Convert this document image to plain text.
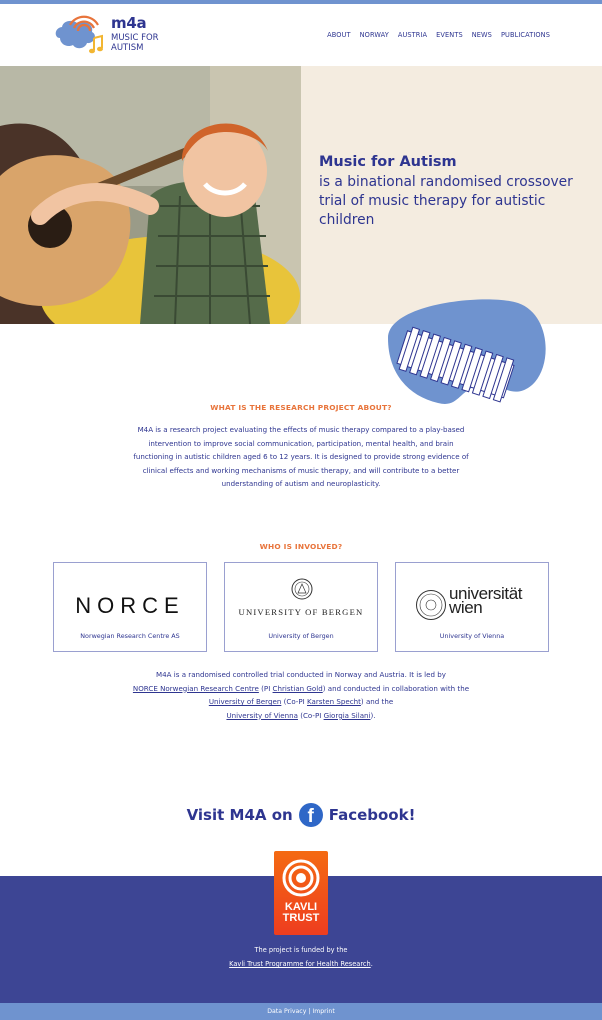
m4a
MUSIC FOR AUTISM
ABOUT NORWAY AUSTRIA EVENTS NEWS PUBLICATIONS
Music for Autism
is a binational randomised crossover trial of music therapy for autistic children
WHAT IS THE RESEARCH PROJECT ABOUT?

M4A is a research project evaluating the effects of music therapy compared to a play-based intervention to improve social communication, participation, mental health, and brain functioning in autistic children aged 6 to 12 years. It is designed to provide strong evidence of clinical effects and working mechanisms of music therapy, and will contribute to a better understanding of autism and neuroplasticity.

WHO IS INVOLVED?
NORCE
Norwegian Research Centre AS
UNIVERSITY OF BERGEN
University of Bergen
universität wien
University of Vienna

M4A is a randomised controlled trial conducted in Norway and Austria. It is led by
NORCE Norwegian Research Centre (PI Christian Gold) and conducted in collaboration with the University of Bergen (Co-PI Karsten Specht) and the
University of Vienna (Co-PI Giorgia Silani).

Visit M4A on f Facebook!
KAVLI
TRUST
The project is funded by the
Kavli Trust Programme for Health Research.
Data Privacy | Imprint
